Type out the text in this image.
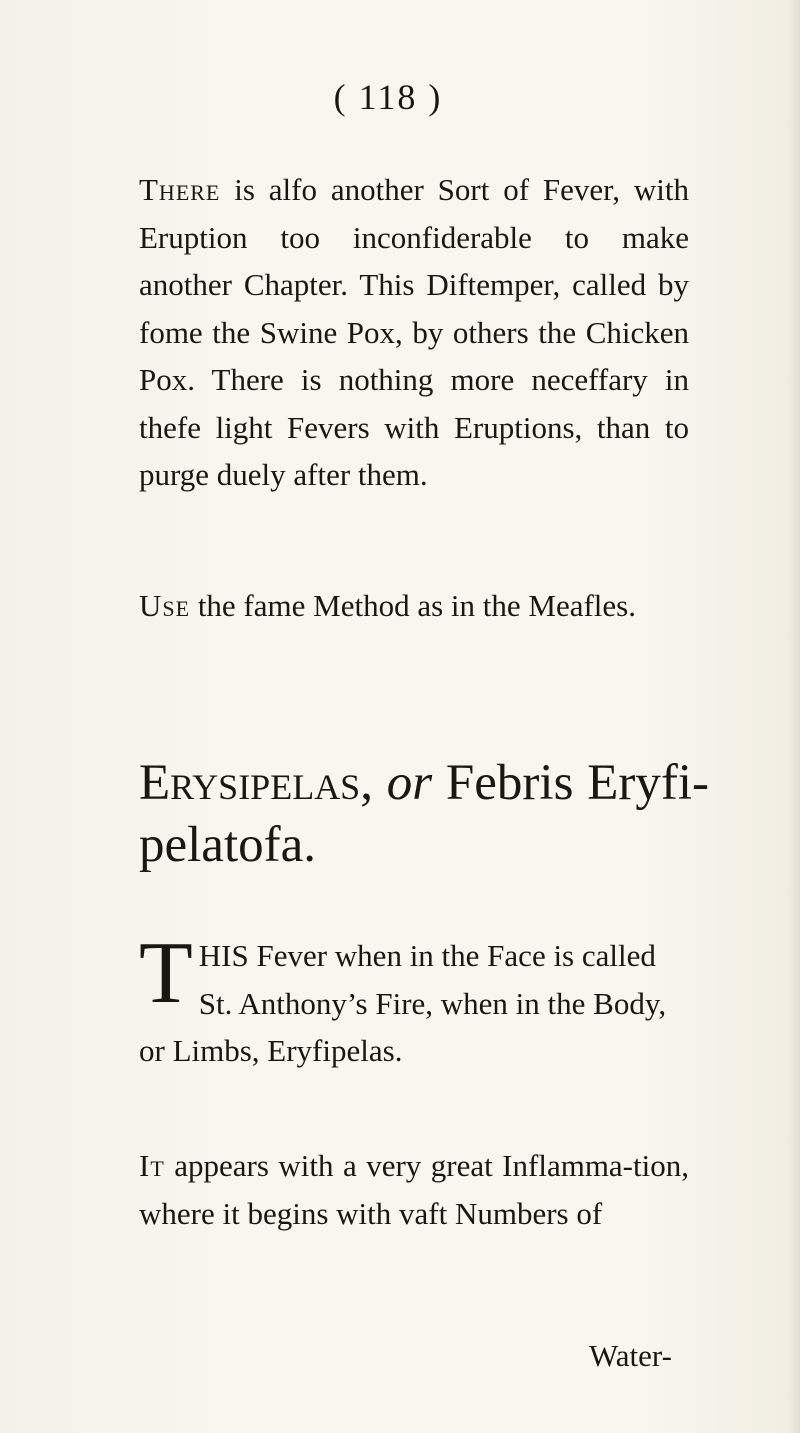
( 118 )
There is alfo another Sort of Fever, with Eruption too inconfiderable to make another Chapter. This Diftemper, called by fome the Swine Pox, by others the Chicken Pox. There is nothing more neceffary in thefe light Fevers with Eruptions, than to purge duely after them.
Use the fame Method as in the Meafles.
Erysipelas, or Febris Eryfi-pelatofa.
THIS Fever when in the Face is called St. Anthony’s Fire, when in the Body, or Limbs, Eryfipelas.
It appears with a very great Inflamma-tion, where it begins with vaft Numbers of
Water-
